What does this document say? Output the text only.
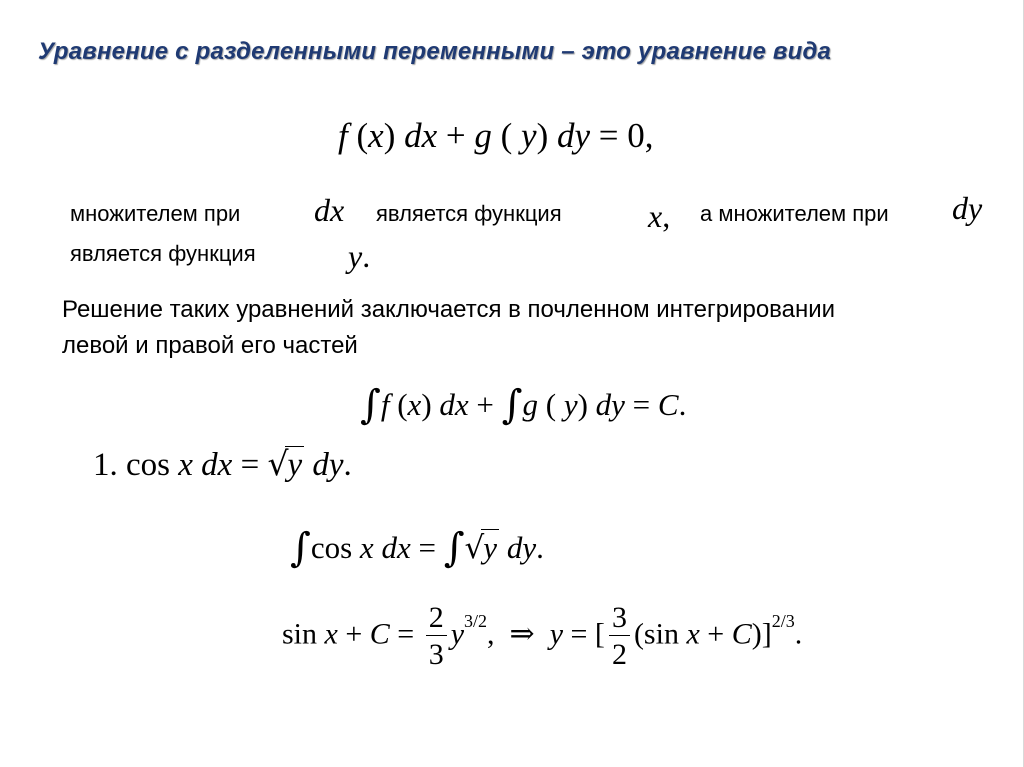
Уравнение с разделенными переменными – это уравнение вида
f (x) dx + g ( y) dy = 0,
множителем при dx является функция	x, а множителем при dy
является функция	y.
Решение таких уравнений заключается в почленном интегрировании
левой и правой его частей
∫f (x) dx + ∫g ( y) dy = C.
1. cos x dx = √y dy.
∫cos x dx = ∫√y dy.
$\sin x + C = \frac{2}{3} y^{3/2}$,  ⇒ y = [ $\frac{3}{2} (\sin$ x + C)]$^{2/3}$.
